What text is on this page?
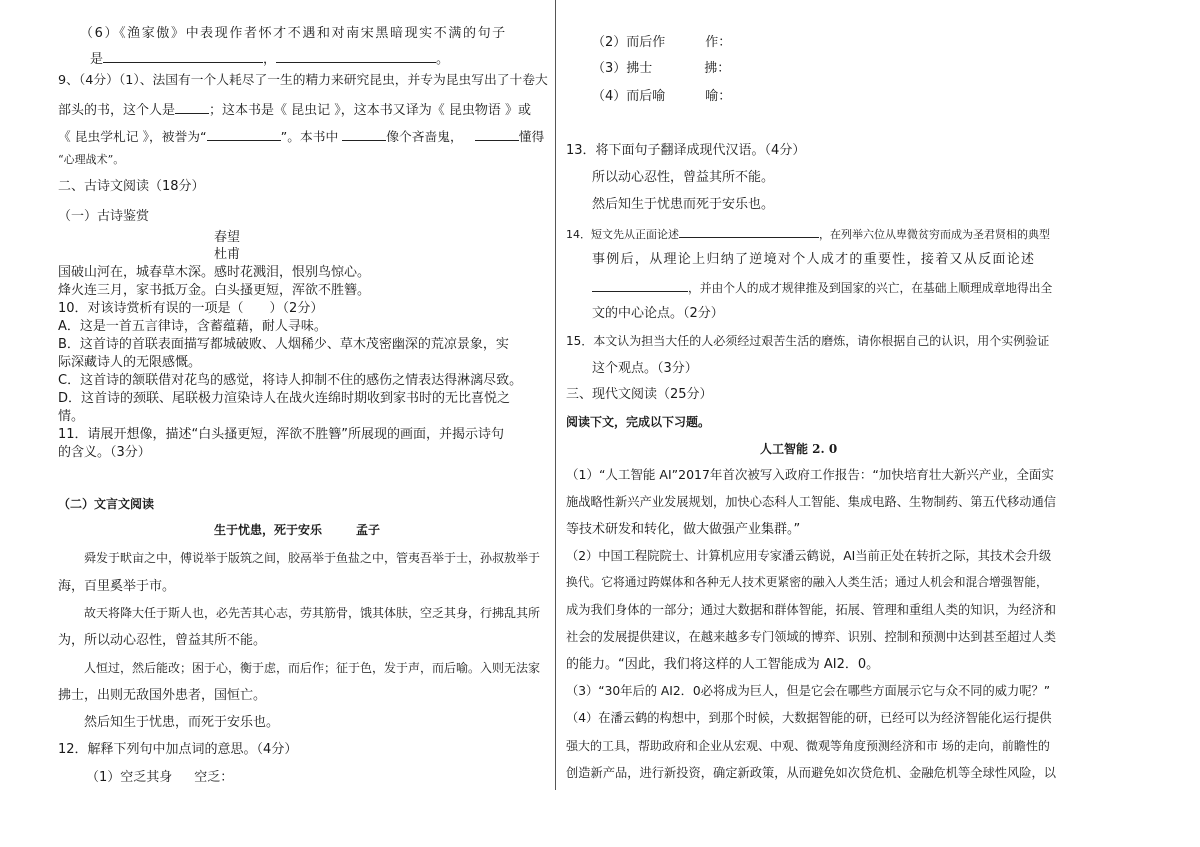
（6）《渔家傲》中表现作者怀才不遇和对南宋黑暗现实不满的句子
是	，	。
9、（4分）（1）、法国有一个人耗尽了一生的精力来研究昆虫，并专为昆虫写出了十卷大
部头的书，这个人是	；这本书是《 昆虫记 》，这本书又译为《 昆虫物语 》或
《 昆虫学札记 》，被誉为“	”。本书中	像个吝啬鬼，	懂得
“心理战术”。
二、古诗文阅读（18分）
（一）古诗鉴赏
春望
杜甫
国破山河在，城春草木深。感时花溅泪，恨别鸟惊心。
烽火连三月，家书抵万金。白头搔更短，浑欲不胜簪。
10．对该诗赏析有误的一项是（　　）（2分）
A．这是一首五言律诗，含蓄蕴藉，耐人寻味。
B．这首诗的首联表面描写都城破败、人烟稀少、草木茂密幽深的荒凉景象，实
际深藏诗人的无限感慨。
C．这首诗的颔联借对花鸟的感觉，将诗人抑制不住的感伤之情表达得淋漓尽致。
D．这首诗的颈联、尾联极力渲染诗人在战火连绵时期收到家书时的无比喜悦之
情。
11．请展开想像，描述“白头搔更短，浑欲不胜簪”所展现的画面，并揭示诗句
的含义。（3分）
（二）文言文阅读
生于忧患，死于安乐	孟子
舜发于畎亩之中，傅说举于版筑之间，胶鬲举于鱼盐之中，管夷吾举于士，孙叔敖举于
海，百里奚举于市。
故天将降大任于斯人也，必先苦其心志，劳其筋骨，饿其体肤，空乏其身，行拂乱其所
为，所以动心忍性，曾益其所不能。
人恒过，然后能改；困于心，衡于虑，而后作；征于色，发于声，而后喻。入则无法家
拂士，出则无敌国外患者，国恒亡。
然后知生于忧患，而死于安乐也。
12．解释下列句中加点词的意思。（4分）
（1）空乏其身 空乏：
（2）而后作	作：
（3）拂士	拂：
（4）而后喻	喻：
13．将下面句子翻译成现代汉语。（4分）
所以动心忍性，曾益其所不能。
然后知生于忧患而死于安乐也。
14．短文先从正面论述	，在列举六位从卑微贫穷而成为圣君贤相的典型
事例后，从理论上归纳了逆境对个人成才的重要性，接着又从反面论述
，并由个人的成才规律推及到国家的兴亡，在基础上顺理成章地得出全
文的中心论点。（2分）
15．本文认为担当大任的人必须经过艰苦生活的磨炼，请你根据自己的认识，用个实例验证
这个观点。（3分）
三、现代文阅读（25分）
阅读下文，完成以下习题。
人工智能 2. 0
（1）“人工智能 AI”2017年首次被写入政府工作报告：“加快培育壮大新兴产业，全面实
施战略性新兴产业发展规划，加快心态科人工智能、集成电路、生物制药、第五代移动通信
等技术研发和转化，做大做强产业集群。”
（2）中国工程院院士、计算机应用专家潘云鹤说，AI当前正处在转折之际，其技术会升级
换代。它将通过跨媒体和各种无人技术更紧密的融入人类生活；通过人机会和混合增强智能，
成为我们身体的一部分；通过大数据和群体智能，拓展、管理和重组人类的知识，为经济和
社会的发展提供建议，在越来越多专门领域的博弈、识别、控制和预测中达到甚至超过人类
的能力。“因此，我们将这样的人工智能成为 AI2．0。
（3）“30年后的 AI2．0必将成为巨人，但是它会在哪些方面展示它与众不同的威力呢？”
（4）在潘云鹤的构想中，到那个时候，大数据智能的研，已经可以为经济智能化运行提供
强大的工具，帮助政府和企业从宏观、中观、微观等角度预测经济和市 场的走向，前瞻性的
创造新产品，进行新投资，确定新政策，从而避免如次贷危机、金融危机等全球性风险，以
